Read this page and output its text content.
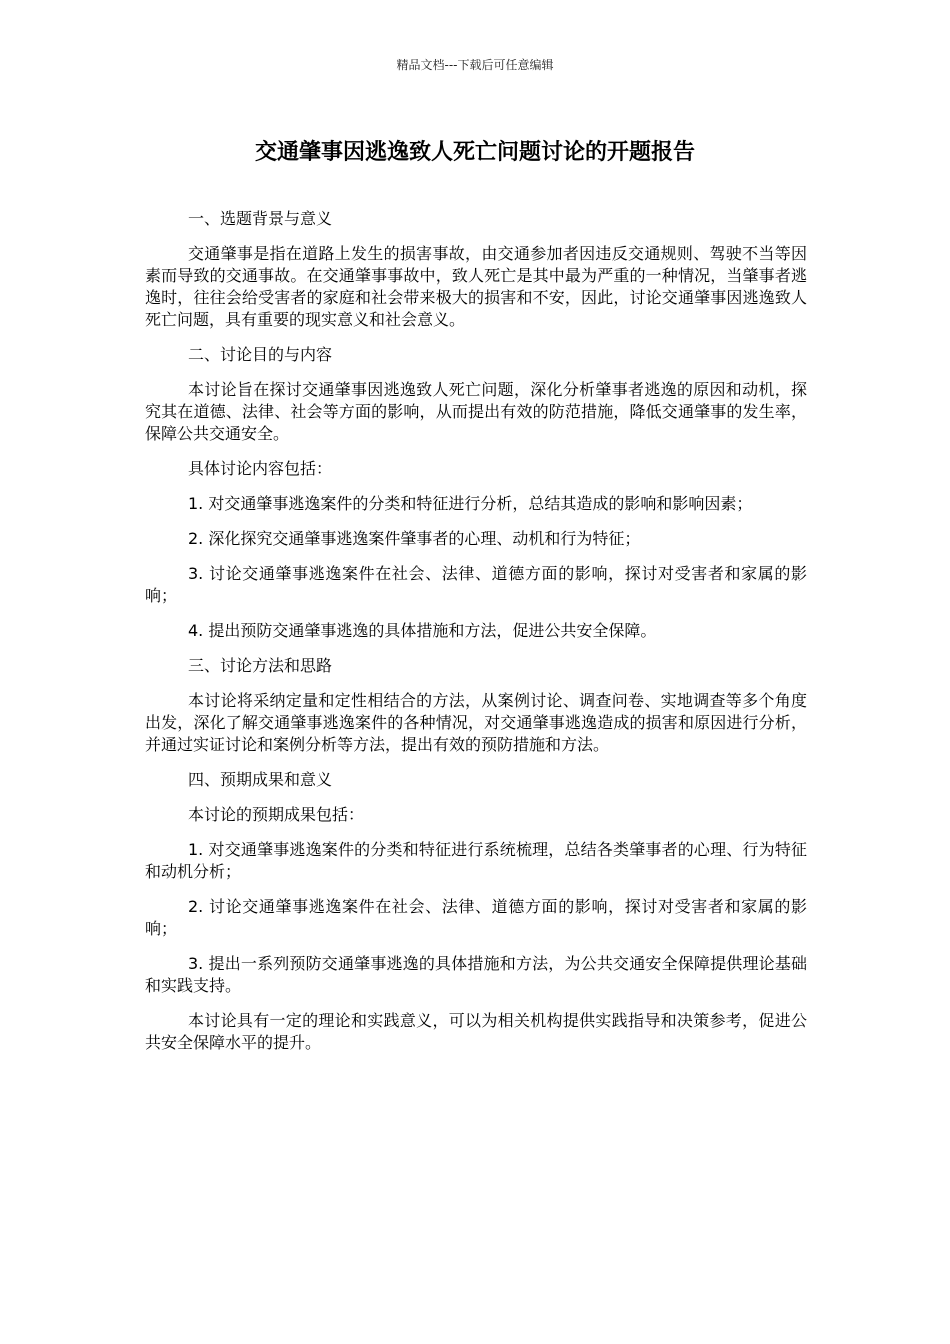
精品文档---下载后可任意编辑
交通肇事因逃逸致人死亡问题讨论的开题报告

一、选题背景与意义

交通肇事是指在道路上发生的损害事故，由交通参加者因违反交通规则、驾驶不当等因素而导致的交通事故。在交通肇事事故中，致人死亡是其中最为严重的一种情况，当肇事者逃逸时，往往会给受害者的家庭和社会带来极大的损害和不安，因此，讨论交通肇事因逃逸致人死亡问题，具有重要的现实意义和社会意义。

二、讨论目的与内容

本讨论旨在探讨交通肇事因逃逸致人死亡问题，深化分析肇事者逃逸的原因和动机，探究其在道德、法律、社会等方面的影响，从而提出有效的防范措施，降低交通肇事的发生率，保障公共交通安全。

具体讨论内容包括：

1. 对交通肇事逃逸案件的分类和特征进行分析，总结其造成的影响和影响因素；

2. 深化探究交通肇事逃逸案件肇事者的心理、动机和行为特征；

3. 讨论交通肇事逃逸案件在社会、法律、道德方面的影响，探讨对受害者和家属的影响；

4. 提出预防交通肇事逃逸的具体措施和方法，促进公共安全保障。

三、讨论方法和思路

本讨论将采纳定量和定性相结合的方法，从案例讨论、调查问卷、实地调查等多个角度出发，深化了解交通肇事逃逸案件的各种情况，对交通肇事逃逸造成的损害和原因进行分析，并通过实证讨论和案例分析等方法，提出有效的预防措施和方法。

四、预期成果和意义

本讨论的预期成果包括：

1. 对交通肇事逃逸案件的分类和特征进行系统梳理，总结各类肇事者的心理、行为特征和动机分析；

2. 讨论交通肇事逃逸案件在社会、法律、道德方面的影响，探讨对受害者和家属的影响；

3. 提出一系列预防交通肇事逃逸的具体措施和方法，为公共交通安全保障提供理论基础和实践支持。

本讨论具有一定的理论和实践意义，可以为相关机构提供实践指导和决策参考，促进公共安全保障水平的提升。
